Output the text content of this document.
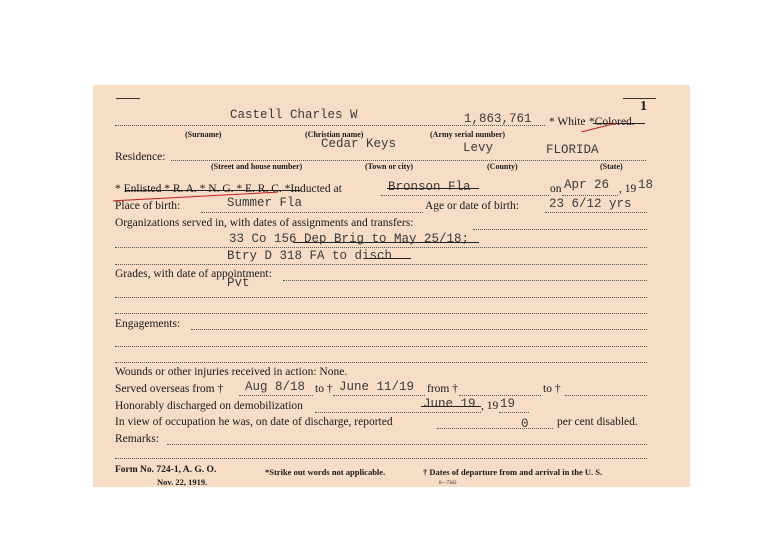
1
Castell Charles W	1,863,761 * White *Colored.
(Surname)	(Christian name)	(Army serial number)
Residence:
Cedar Keys	Levy	FLORIDA
(Street and house number)	(Town or city)	(County)	(State)
* Enlisted * R. A. * N. G. * E. R. C. *Inducted at	Bronson Fla	on Apr 26 , 19 18
Place of birth:	Summer Fla	Age or date of birth: 23 6/12 yrs
Organizations served in, with dates of assignments and transfers:
33 Co 156 Dep Brig to May 25/18;
Btry D 318 FA to disch
Grades, with date of appointment:
Pvt
Engagements:
Wounds or other injuries received in action: None.
Served overseas from † Aug 8/18 to † June 11/19 from †	to †
Honorably discharged on demobilization	June 19 , 19 19
In view of occupation he was, on date of discharge, reported	0 per cent disabled.
Remarks:
Form No. 724-1, A. G. O.
Nov. 22, 1919.
*Strike out words not applicable.	† Dates of departure from and arrival in the U. S.
8—7363
